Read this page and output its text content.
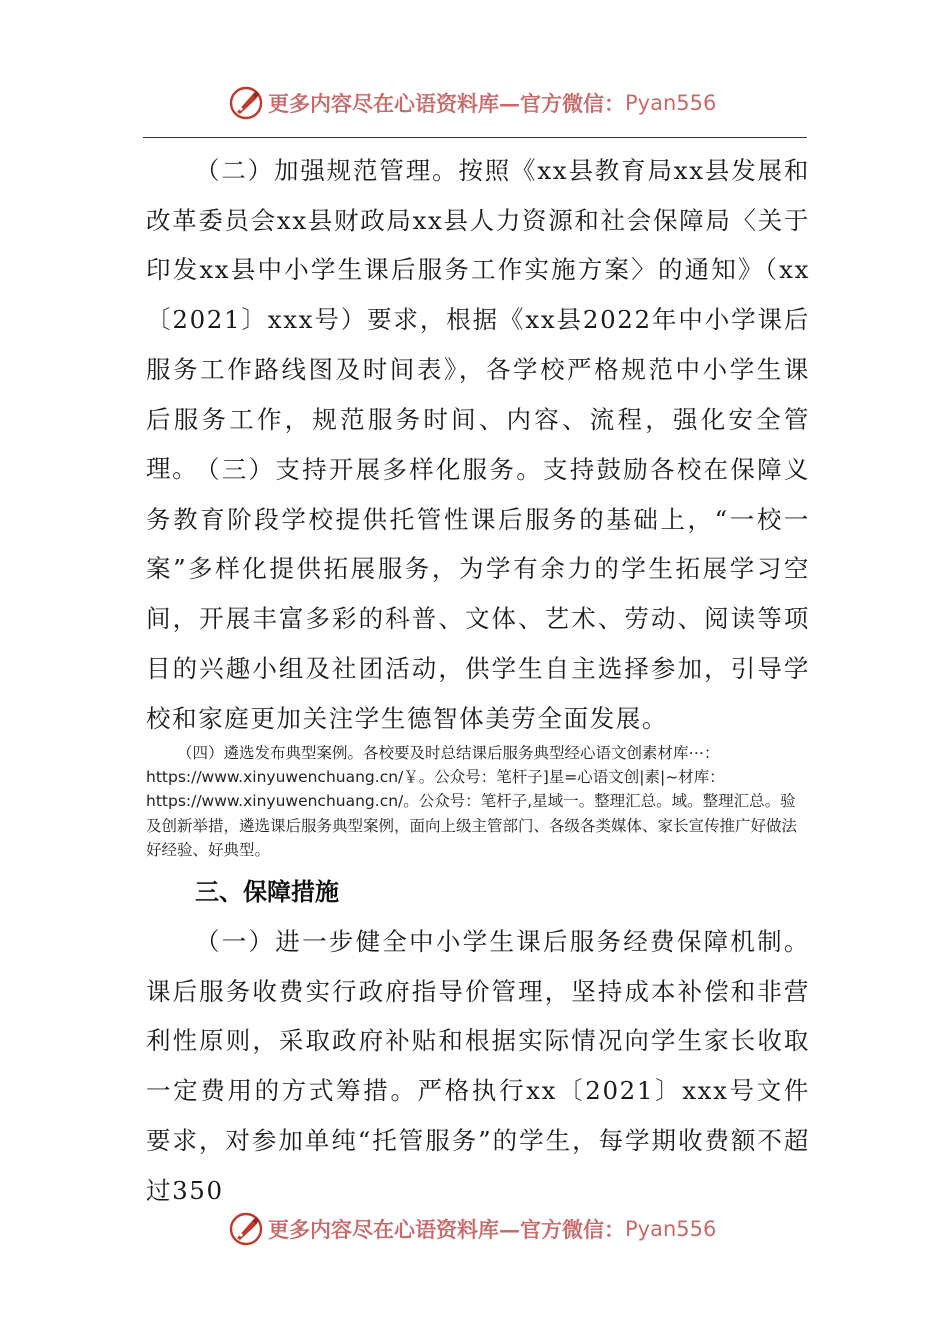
更多内容尽在心语资料库—官方微信： Pyan556

（二）加强规范管理。按照《xx县教育局xx县发展和改革委员会xx县财政局xx县人力资源和社会保障局〈关于印发xx县中小学生课后服务工作实施方案〉的通知》（xx〔2021〕xxx号）要求，根据《xx县2022年中小学课后服务工作路线图及时间表》，各学校严格规范中小学生课后服务工作，规范服务时间、内容、流程，强化安全管理。

（三）支持开展多样化服务。支持鼓励各校在保障义务教育阶段学校提供托管性课后服务的基础上，“一校一案”多样化提供拓展服务，为学有余力的学生拓展学习空间，开展丰富多彩的科普、文体、艺术、劳动、阅读等项目的兴趣小组及社团活动，供学生自主选择参加，引导学校和家庭更加关注学生德智体美劳全面发展。

（四）遴选发布典型案例。各校要及时总结课后服务典型经心语文创素材库⋯：https://www.xinyuwenchuang.cn/￥。公众号：笔杆子]星=心语文创|素|~材库：https://www.xinyuwenchuang.cn/。公众号：笔杆子,星域一。整理汇总。域。整理汇总。验及创新举措，遴选课后服务典型案例，面向上级主管部门、各级各类媒体、家长宣传推广好做法好经验、好典型。

三、保障措施

（一）进一步健全中小学生课后服务经费保障机制。课后服务收费实行政府指导价管理，坚持成本补偿和非营利性原则，采取政府补贴和根据实际情况向学生家长收取一定费用的方式筹措。严格执行xx〔2021〕xxx号文件要求，对参加单纯“托管服务”的学生，每学期收费额不超过350

更多内容尽在心语资料库—官方微信： Pyan556
